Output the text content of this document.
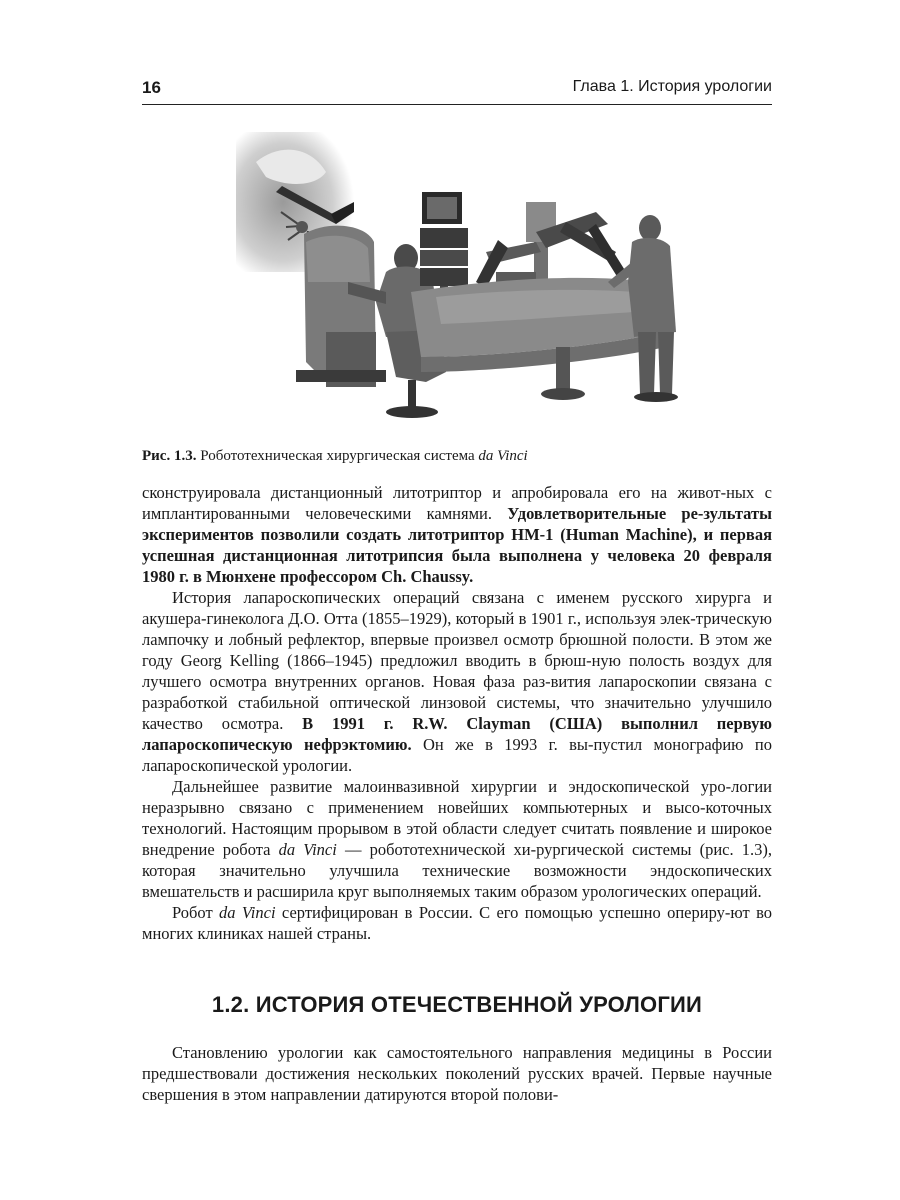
16	Глава 1. История урологии
Рис. 1.3. Робототехническая хирургическая система da Vinci

сконструировала дистанционный литотриптор и апробировала его на живот-ных с имплантированными человеческими камнями. Удовлетворительные ре-зультаты экспериментов позволили создать литотриптор НМ-1 (Human Machine), и первая успешная дистанционная литотрипсия была выполнена у человека 20 февраля 1980 г. в Мюнхене профессором Ch. Chaussy.

История лапароскопических операций связана с именем русского хирурга и акушера-гинеколога Д.О. Отта (1855–1929), который в 1901 г., используя элек-трическую лампочку и лобный рефлектор, впервые произвел осмотр брюшной полости. В этом же году Georg Kelling (1866–1945) предложил вводить в брюш-ную полость воздух для лучшего осмотра внутренних органов. Новая фаза раз-вития лапароскопии связана с разработкой стабильной оптической линзовой системы, что значительно улучшило качество осмотра. В 1991 г. R.W. Clayman (США) выполнил первую лапароскопическую нефрэктомию. Он же в 1993 г. вы-пустил монографию по лапароскопической урологии.

Дальнейшее развитие малоинвазивной хирургии и эндоскопической уро-логии неразрывно связано с применением новейших компьютерных и высо-коточных технологий. Настоящим прорывом в этой области следует считать появление и широкое внедрение робота da Vinci — робототехнической хи-рургической системы (рис. 1.3), которая значительно улучшила технические возможности эндоскопических вмешательств и расширила круг выполняемых таким образом урологических операций.

Робот da Vinci сертифицирован в России. С его помощью успешно опериру-ют во многих клиниках нашей страны.

1.2. ИСТОРИЯ ОТЕЧЕСТВЕННОЙ УРОЛОГИИ

Становлению урологии как самостоятельного направления медицины в России предшествовали достижения нескольких поколений русских врачей. Первые научные свершения в этом направлении датируются второй полови-
